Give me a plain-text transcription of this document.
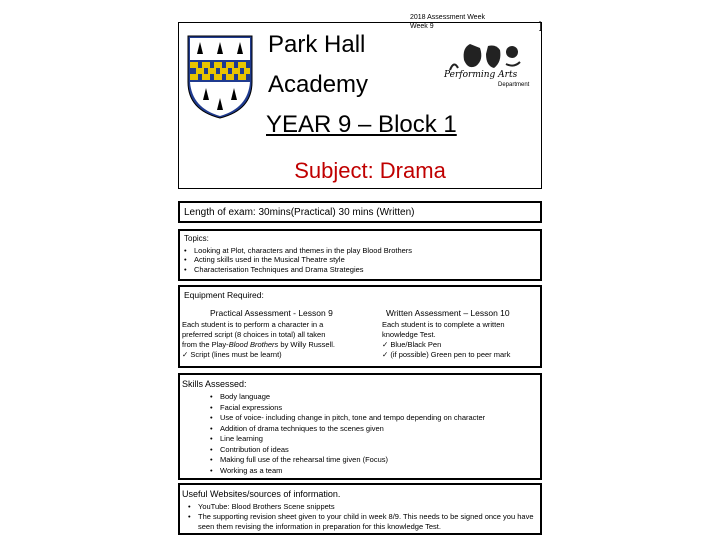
]
Park Hall
Academy
YEAR 9 – Block 1
Subject: Drama
2018 Assessment Week
Week 9
Performing Arts
Department
Length of exam: 30mins(Practical) 30 mins (Written)
Topics:
• Looking at Plot, characters and themes in the play Blood Brothers
• Acting skills used in the Musical Theatre style
• Characterisation Techniques and Drama Strategies
Equipment Required:
Practical Assessment - Lesson 9
Each student is to perform a character in a
preferred script (8 choices in total) all taken
from the Play-Blood Brothers by Willy Russell.
✓ Script (lines must be learnt)
Written Assessment – Lesson 10
Each student is to complete a written
knowledge Test.
✓ Blue/Black Pen
✓ (if possible) Green pen to peer mark
Skills Assessed:
• Body language
• Facial expressions
• Use of voice- including change in pitch, tone and tempo depending on character
• Addition of drama techniques to the scenes given
• Line learning
• Contribution of ideas
• Making full use of the rehearsal time given (Focus)
• Working as a team
Useful Websites/sources of information.
• YouTube: Blood Brothers Scene snippets
• The supporting revision sheet given to your child in week 8/9. This needs to be signed once you have seen them revising the information in preparation for this knowledge Test.
